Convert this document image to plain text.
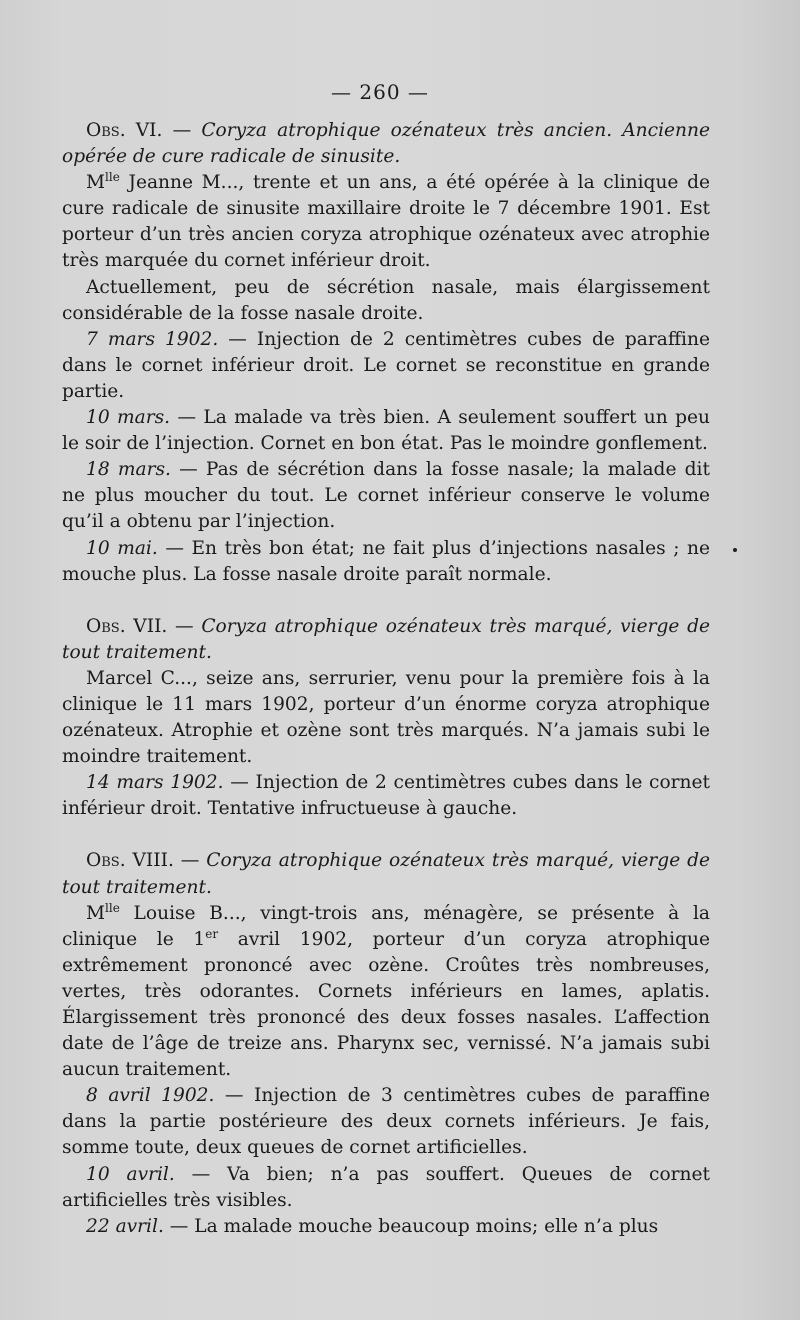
— 260 —

Obs. VI. — Coryza atrophique ozénateux très ancien. Ancienne opérée de cure radicale de sinusite.

$M^{lle}$ Jeanne M..., trente et un ans, a été opérée à la clinique de cure radicale de sinusite maxillaire droite le 7 décembre 1901. Est porteur d’un très ancien coryza atrophique ozénateux avec atrophie très marquée du cornet inférieur droit.

Actuellement, peu de sécrétion nasale, mais élargissement considérable de la fosse nasale droite.

7 mars 1902. — Injection de 2 centimètres cubes de paraffine dans le cornet inférieur droit. Le cornet se reconstitue en grande partie.

10 mars. — La malade va très bien. A seulement souffert un peu le soir de l’injection. Cornet en bon état. Pas le moindre gonflement.

18 mars. — Pas de sécrétion dans la fosse nasale; la malade dit ne plus moucher du tout. Le cornet inférieur conserve le volume qu’il a obtenu par l’injection.

10 mai. — En très bon état; ne fait plus d’injections nasales ; ne mouche plus. La fosse nasale droite paraît normale.

Obs. VII. — Coryza atrophique ozénateux très marqué, vierge de tout traitement.

Marcel C..., seize ans, serrurier, venu pour la première fois à la clinique le 11 mars 1902, porteur d’un énorme coryza atrophique ozénateux. Atrophie et ozène sont très marqués. N’a jamais subi le moindre traitement.

14 mars 1902. — Injection de 2 centimètres cubes dans le cornet inférieur droit. Tentative infructueuse à gauche.

Obs. VIII. — Coryza atrophique ozénateux très marqué, vierge de tout traitement.

$M^{lle}$ Louise B..., vingt-trois ans, ménagère, se présente à la clinique le 1er avril 1902, porteur d’un coryza atrophique extrêmement prononcé avec ozène. Croûtes très nombreuses, vertes, très odorantes. Cornets inférieurs en lames, aplatis. Élargissement très prononcé des deux fosses nasales. L’affection date de l’âge de treize ans. Pharynx sec, vernissé. N’a jamais subi aucun traitement.

8 avril 1902. — Injection de 3 centimètres cubes de paraffine dans la partie postérieure des deux cornets inférieurs. Je fais, somme toute, deux queues de cornet artificielles.

10 avril. — Va bien; n’a pas souffert. Queues de cornet artificielles très visibles.

22 avril. — La malade mouche beaucoup moins; elle n’a plus
